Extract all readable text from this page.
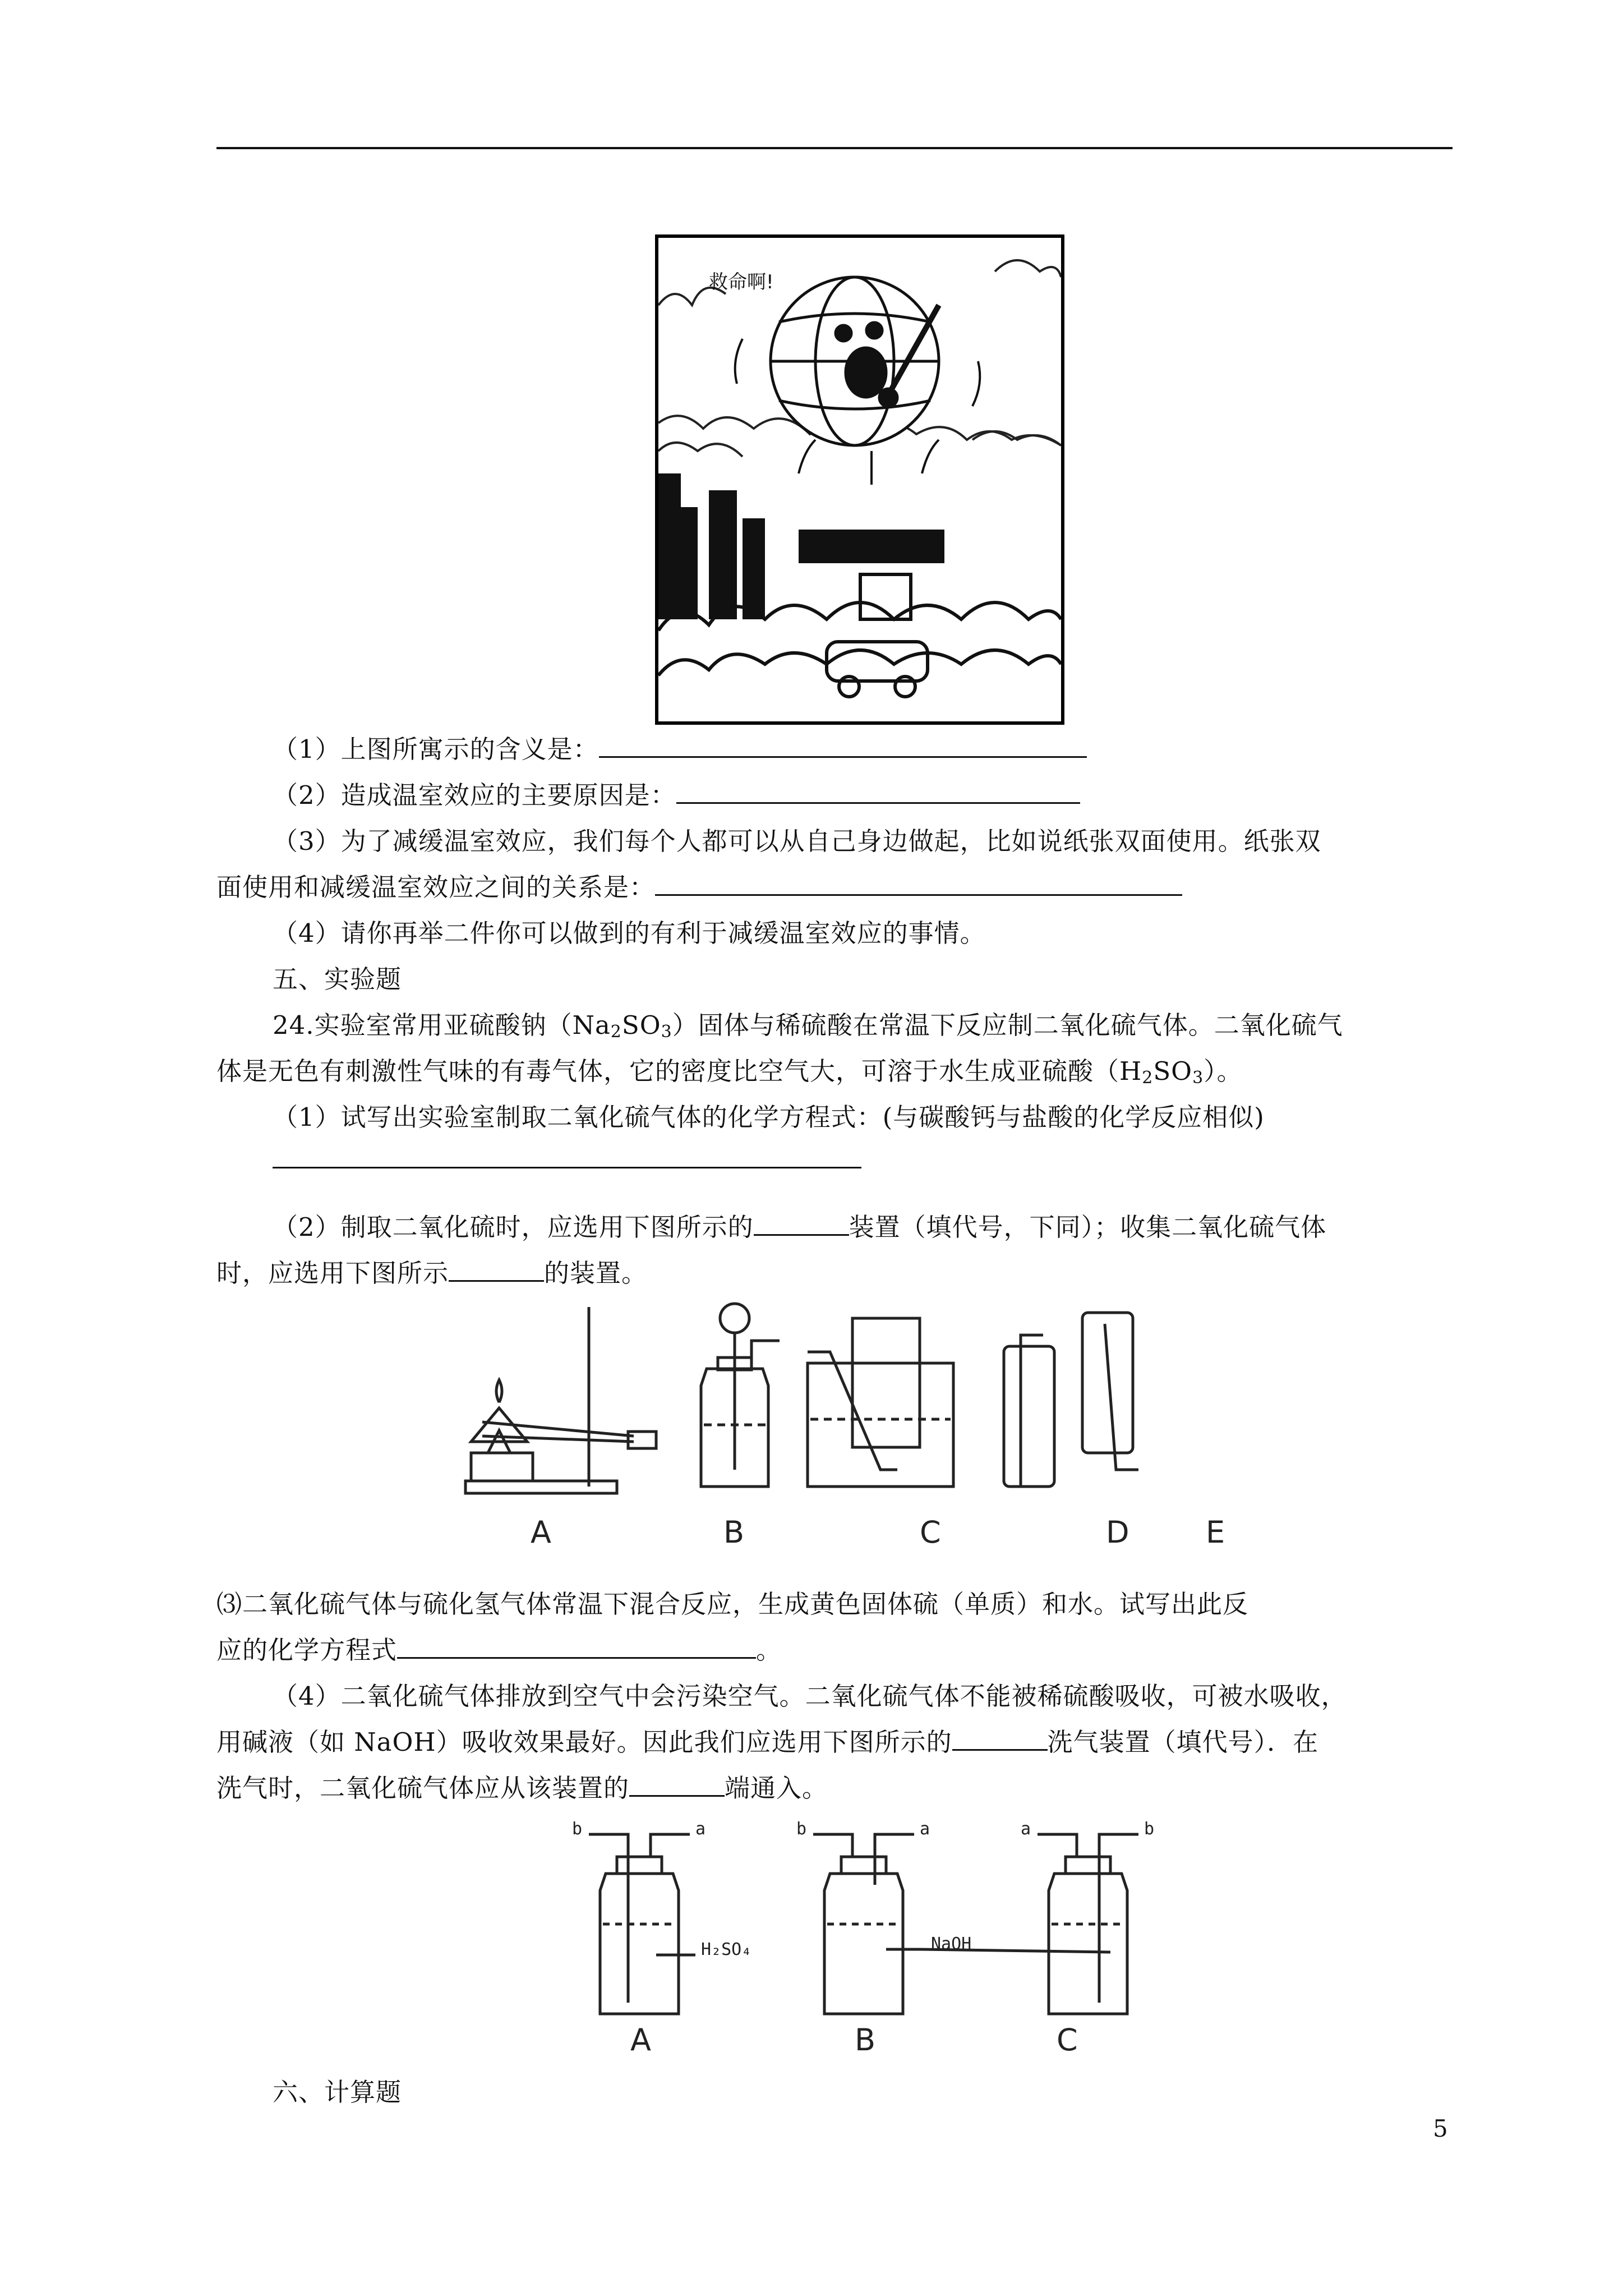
救命啊!
（1）上图所寓示的含义是：
（2）造成温室效应的主要原因是：
（3）为了减缓温室效应，我们每个人都可以从自己身边做起，比如说纸张双面使用。纸张双
面使用和减缓温室效应之间的关系是：
（4）请你再举二件你可以做到的有利于减缓温室效应的事情。
五、实验题
24.实验室常用亚硫酸钠$(Na_2SO_3)$固体与稀硫酸在常温下反应制二氧化硫气体。二氧化硫气
体是无色有刺激性气味的有毒气体，它的密度比空气大，可溶于水生成亚硫酸$(H_2SO_3)$。
（1）试写出实验室制取二氧化硫气体的化学方程式：(与碳酸钙与盐酸的化学反应相似)
（2）制取二氧化硫时，应选用下图所示的	装置（填代号，下同）；收集二氧化硫气体
时，应选用下图所示	的装置。
A	B	C	D	E
⑶二氧化硫气体与硫化氢气体常温下混合反应，生成黄色固体硫（单质）和水。试写出此反
应的化学方程式	。
（4）二氧化硫气体排放到空气中会污染空气。二氧化硫气体不能被稀硫酸吸收，可被水吸收，
用碱液（如 NaOH）吸收效果最好。因此我们应选用下图所示的	洗气装置（填代号）．在
洗气时，二氧化硫气体应从该装置的	端通入。
b	a	b	a	a	b
H₂SO₄	NaOH
A	B	C
六、计算题
5
